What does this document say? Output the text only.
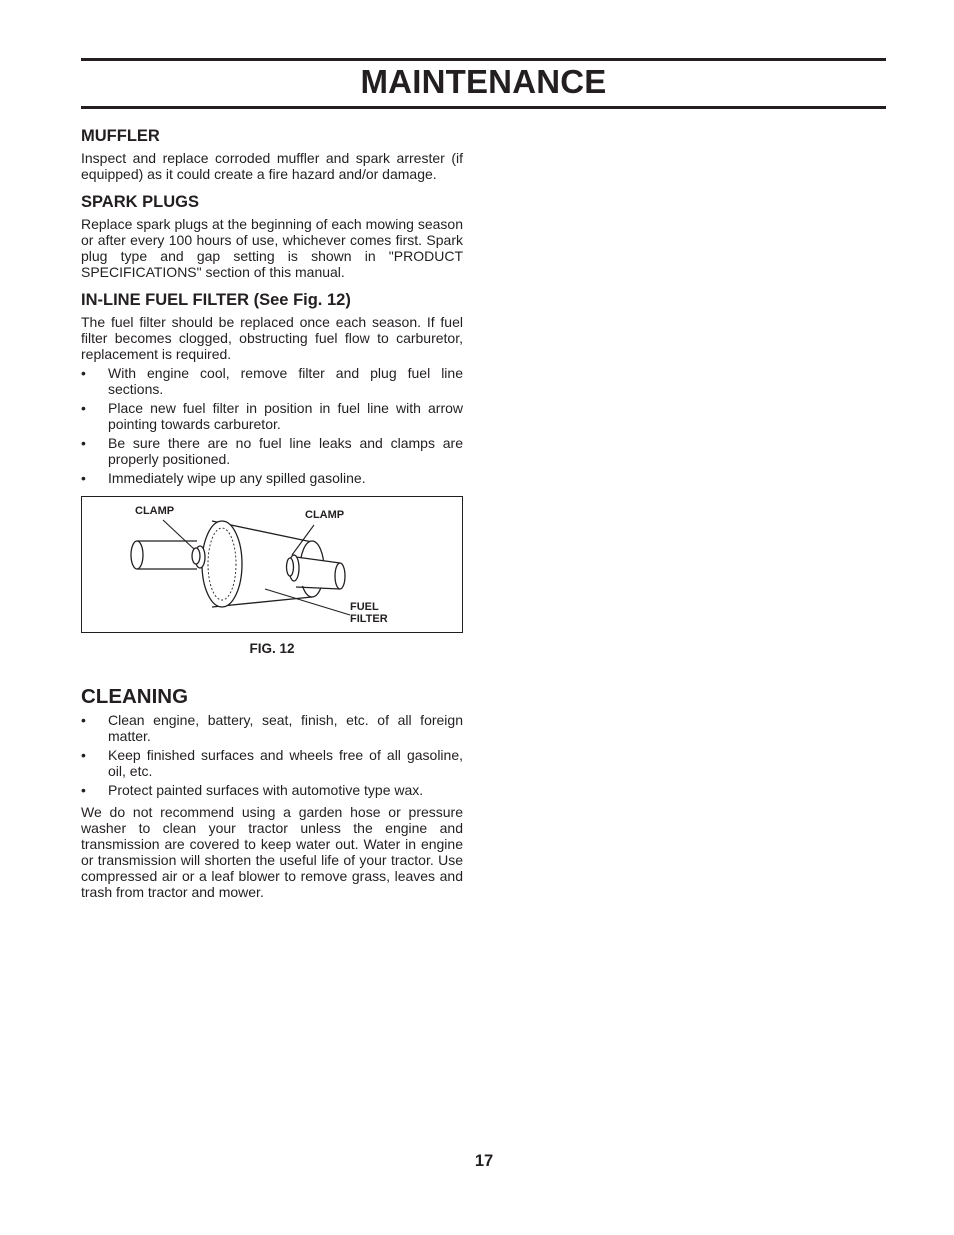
MAINTENANCE
MUFFLER

Inspect and replace corroded muffler and spark arrester (if equipped) as it could create a fire hazard and/or damage.

SPARK PLUGS

Replace spark plugs at the beginning of each mowing season or after every 100 hours of use, whichever comes first. Spark plug type and gap setting is shown in "PRODUCT SPECIFICATIONS" section of this manual.

IN-LINE FUEL FILTER (See Fig. 12)

The fuel filter should be replaced once each season. If fuel filter becomes clogged, obstructing fuel flow to carburetor, replacement is required.

• With engine cool, remove filter and plug fuel line sections.
• Place new fuel filter in position in fuel line with arrow pointing towards carburetor.
• Be sure there are no fuel line leaks and clamps are properly positioned.
• Immediately wipe up any spilled gasoline.
CLAMP	CLAMP
FUEL
FILTER
FIG. 12
CLEANING
• Clean engine, battery, seat, finish, etc. of all foreign matter.
• Keep finished surfaces and wheels free of all gasoline, oil, etc.
• Protect painted surfaces with automotive type wax.

We do not recommend using a garden hose or pressure washer to clean your tractor unless the engine and transmission are covered to keep water out. Water in engine or transmission will shorten the useful life of your tractor. Use compressed air or a leaf blower to remove grass, leaves and trash from tractor and mower.

17
